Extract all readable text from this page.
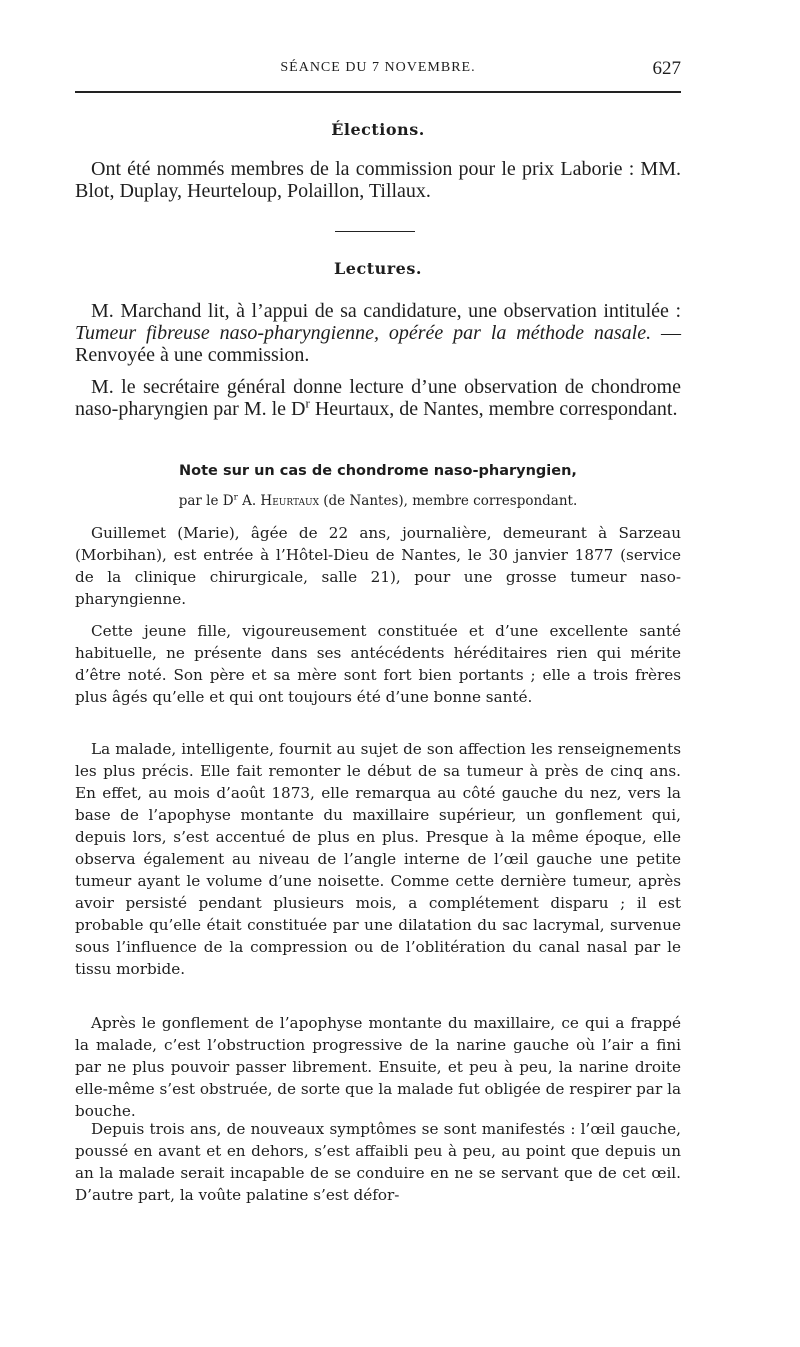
SÉANCE DU 7 NOVEMBRE.	627
Élections.

Ont été nommés membres de la commission pour le prix Laborie : MM. Blot, Duplay, Heurteloup, Polaillon, Tillaux.

Lectures.

M. Marchand lit, à l’appui de sa candidature, une observation intitulée : Tumeur fibreuse naso-pharyngienne, opérée par la méthode nasale. — Renvoyée à une commission.

M. le secrétaire général donne lecture d’une observation de chondrome naso-pharyngien par M. le $D^r$ Heurtaux, de Nantes, membre correspondant.

Note sur un cas de chondrome naso-pharyngien,
par le $D^r$ A. Heurtaux (de Nantes), membre correspondant.

Guillemet (Marie), âgée de 22 ans, journalière, demeurant à Sarzeau (Morbihan), est entrée à l’Hôtel-Dieu de Nantes, le 30 janvier 1877 (service de la clinique chirurgicale, salle 21), pour une grosse tumeur naso-pharyngienne.

Cette jeune fille, vigoureusement constituée et d’une excellente santé habituelle, ne présente dans ses antécédents héréditaires rien qui mérite d’être noté. Son père et sa mère sont fort bien portants ; elle a trois frères plus âgés qu’elle et qui ont toujours été d’une bonne santé.

La malade, intelligente, fournit au sujet de son affection les renseignements les plus précis. Elle fait remonter le début de sa tumeur à près de cinq ans. En effet, au mois d’août 1873, elle remarqua au côté gauche du nez, vers la base de l’apophyse montante du maxillaire supérieur, un gonflement qui, depuis lors, s’est accentué de plus en plus. Presque à la même époque, elle observa également au niveau de l’angle interne de l’œil gauche une petite tumeur ayant le volume d’une noisette. Comme cette dernière tumeur, après avoir persisté pendant plusieurs mois, a complétement disparu ; il est probable qu’elle était constituée par une dilatation du sac lacrymal, survenue sous l’influence de la compression ou de l’oblitération du canal nasal par le tissu morbide.

Après le gonflement de l’apophyse montante du maxillaire, ce qui a frappé la malade, c’est l’obstruction progressive de la narine gauche où l’air a fini par ne plus pouvoir passer librement. Ensuite, et peu à peu, la narine droite elle-même s’est obstruée, de sorte que la malade fut obligée de respirer par la bouche.

Depuis trois ans, de nouveaux symptômes se sont manifestés : l’œil gauche, poussé en avant et en dehors, s’est affaibli peu à peu, au point que depuis un an la malade serait incapable de se conduire en ne se servant que de cet œil. D’autre part, la voûte palatine s’est défor-
